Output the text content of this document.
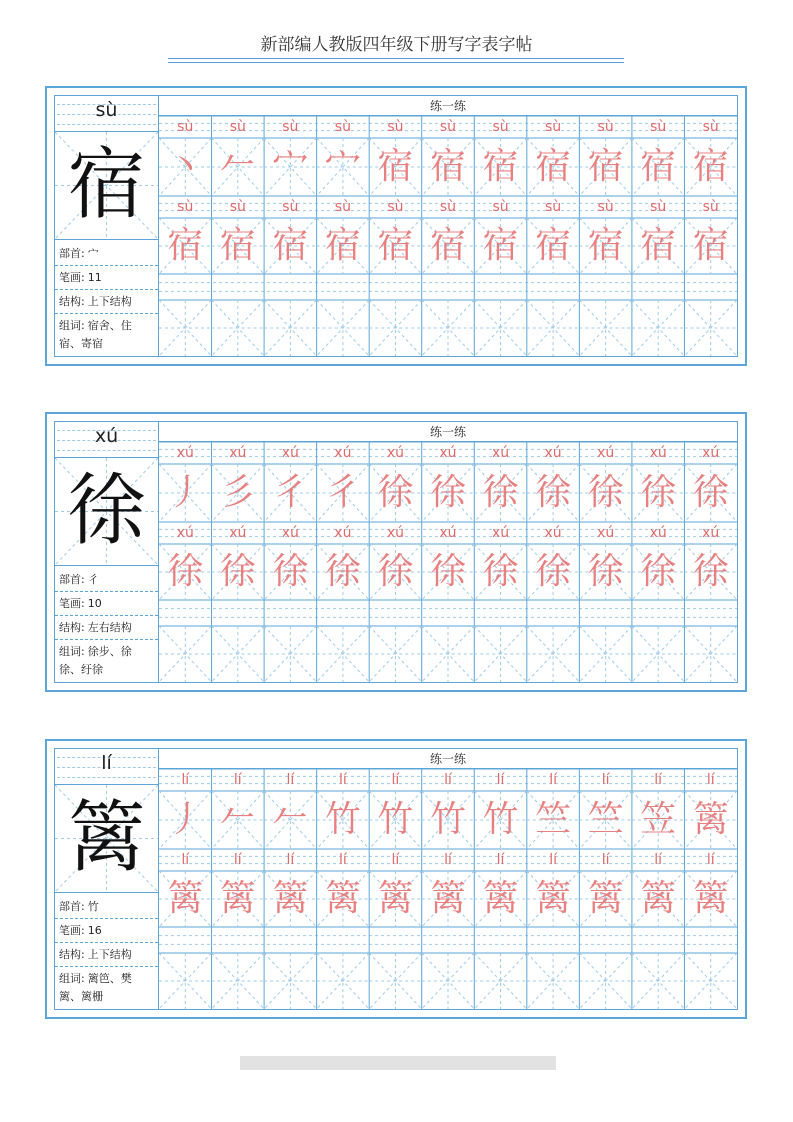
新部编人教版四年级下册写字表字帖
sù
宿
部首: 宀
笔画: 11
结构: 上下结构
组词: 宿舍、住
宿、寄宿
练一练
sù
sù
丶
宿
sù
sù
𠂉
宿
sù
sù
宀
宿
sù
sù
宀
宿
sù
sù
宿
宿
sù
sù
宿
宿
sù
sù
宿
宿
sù
sù
宿
宿
sù
sù
宿
宿
sù
sù
宿
宿
sù
sù
宿
宿
xú
徐
部首: 彳
笔画: 10
结构: 左右结构
组词: 徐步、徐
徐、纡徐
练一练
xú
xú
丿
徐
xú
xú
彡
徐
xú
xú
彳
徐
xú
xú
彳
徐
xú
xú
徐
徐
xú
xú
徐
徐
xú
xú
徐
徐
xú
xú
徐
徐
xú
xú
徐
徐
xú
xú
徐
徐
xú
xú
徐
徐
lí
篱
部首: 竹
笔画: 16
结构: 上下结构
组词: 篱笆、樊
篱、篱栅
练一练
lí
lí
丿
篱
lí
lí
𠂉
篱
lí
lí
𠂉
篱
lí
lí
竹
篱
lí
lí
竹
篱
lí
lí
竹
篱
lí
lí
竹
篱
lí
lí
竺
篱
lí
lí
竺
篱
lí
lí
笠
篱
lí
lí
篱
篱
